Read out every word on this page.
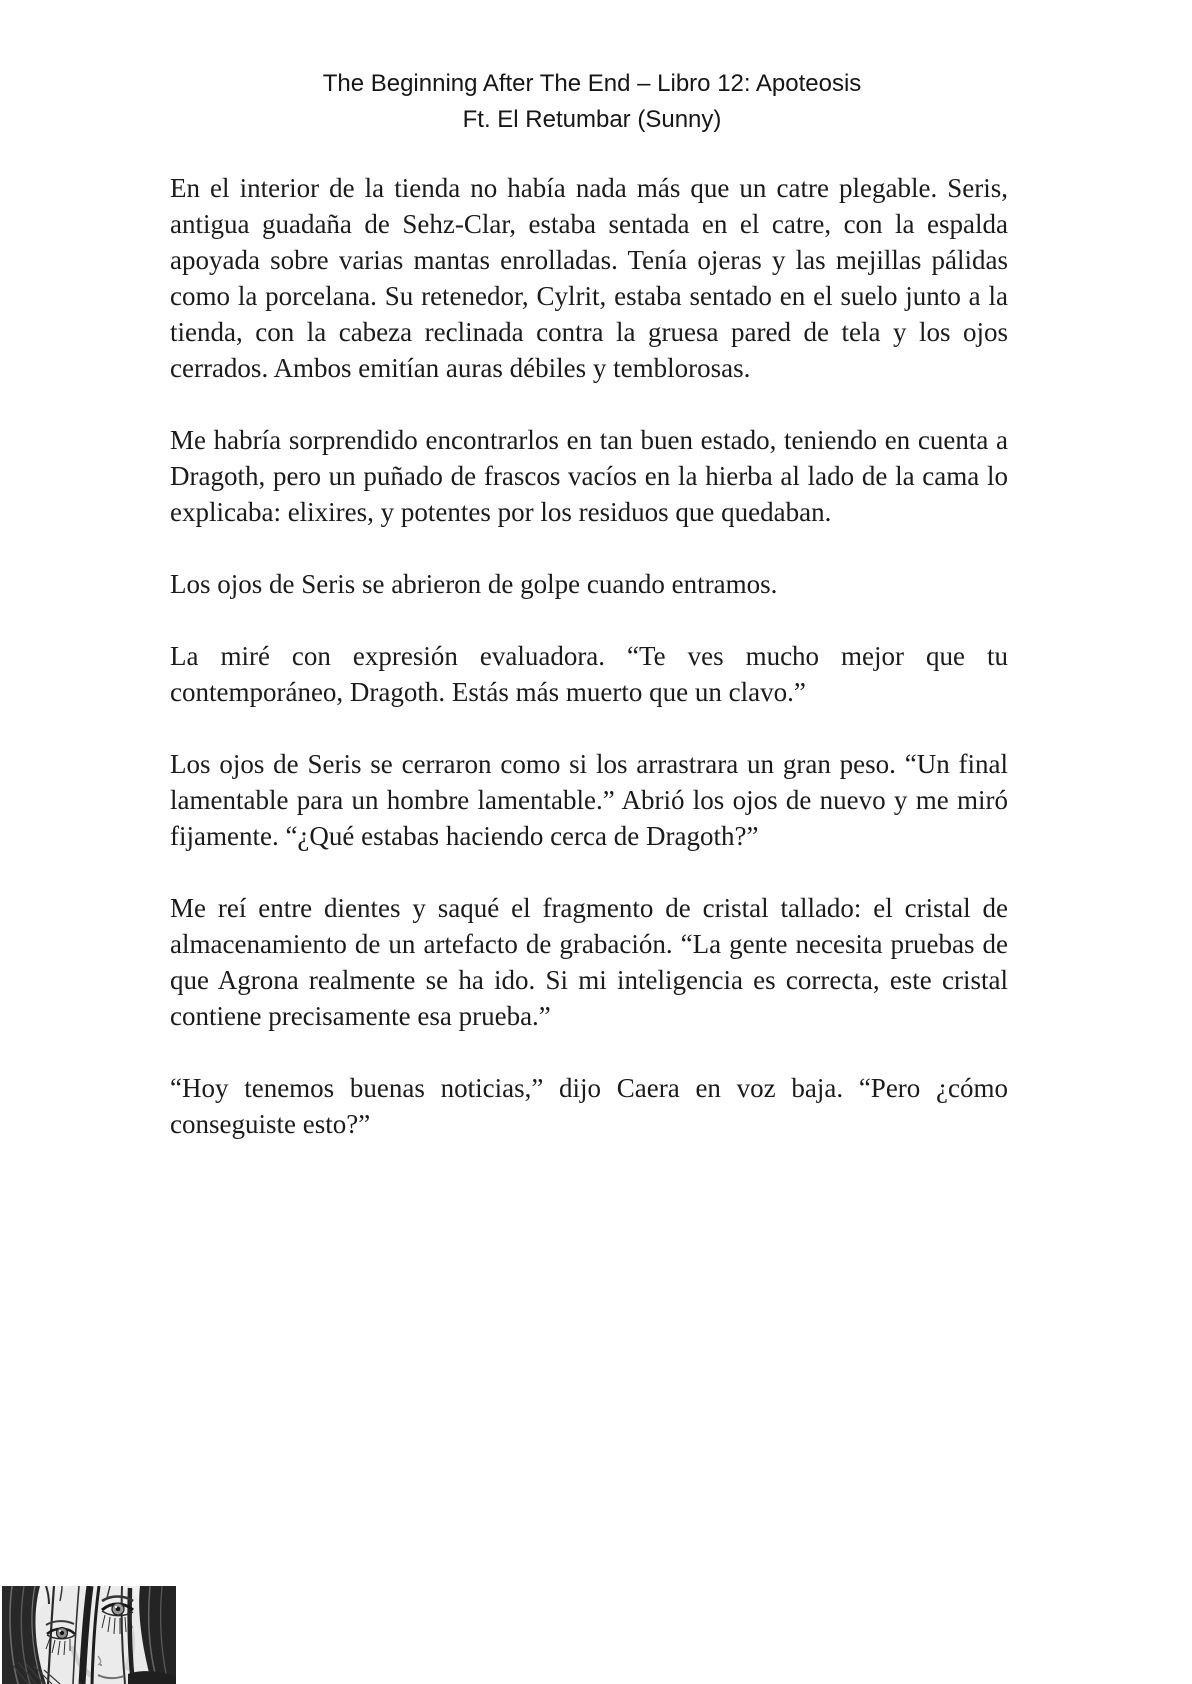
The Beginning After The End – Libro 12: Apoteosis
Ft. El Retumbar (Sunny)

En el interior de la tienda no había nada más que un catre plegable. Seris, antigua guadaña de Sehz-Clar, estaba sentada en el catre, con la espalda apoyada sobre varias mantas enrolladas. Tenía ojeras y las mejillas pálidas como la porcelana. Su retenedor, Cylrit, estaba sentado en el suelo junto a la tienda, con la cabeza reclinada contra la gruesa pared de tela y los ojos cerrados. Ambos emitían auras débiles y temblorosas.

Me habría sorprendido encontrarlos en tan buen estado, teniendo en cuenta a Dragoth, pero un puñado de frascos vacíos en la hierba al lado de la cama lo explicaba: elixires, y potentes por los residuos que quedaban.

Los ojos de Seris se abrieron de golpe cuando entramos.

La miré con expresión evaluadora. “Te ves mucho mejor que tu contemporáneo, Dragoth. Estás más muerto que un clavo.”

Los ojos de Seris se cerraron como si los arrastrara un gran peso. “Un final lamentable para un hombre lamentable.” Abrió los ojos de nuevo y me miró fijamente. “¿Qué estabas haciendo cerca de Dragoth?”

Me reí entre dientes y saqué el fragmento de cristal tallado: el cristal de almacenamiento de un artefacto de grabación. “La gente necesita pruebas de que Agrona realmente se ha ido. Si mi inteligencia es correcta, este cristal contiene precisamente esa prueba.”

“Hoy tenemos buenas noticias,” dijo Caera en voz baja. “Pero ¿cómo conseguiste esto?”
